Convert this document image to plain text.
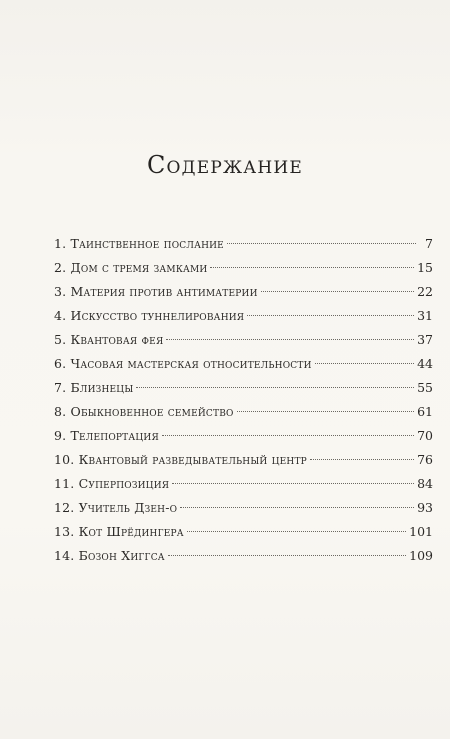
Содержание
1. Таинственное послание	7
2. Дом с тремя замками	15
3. Материя против антиматерии	22
4. Искусство туннелирования	31
5. Квантовая фея	37
6. Часовая мастерская относительности	44
7. Близнецы	55
8. Обыкновенное семейство	61
9. Телепортация	70
10. Квантовый разведывательный центр	76
11. Суперпозиция	84
12. Учитель Дзен-о	93
13. Кот Шрёдингера	101
14. Бозон Хиггса	109
